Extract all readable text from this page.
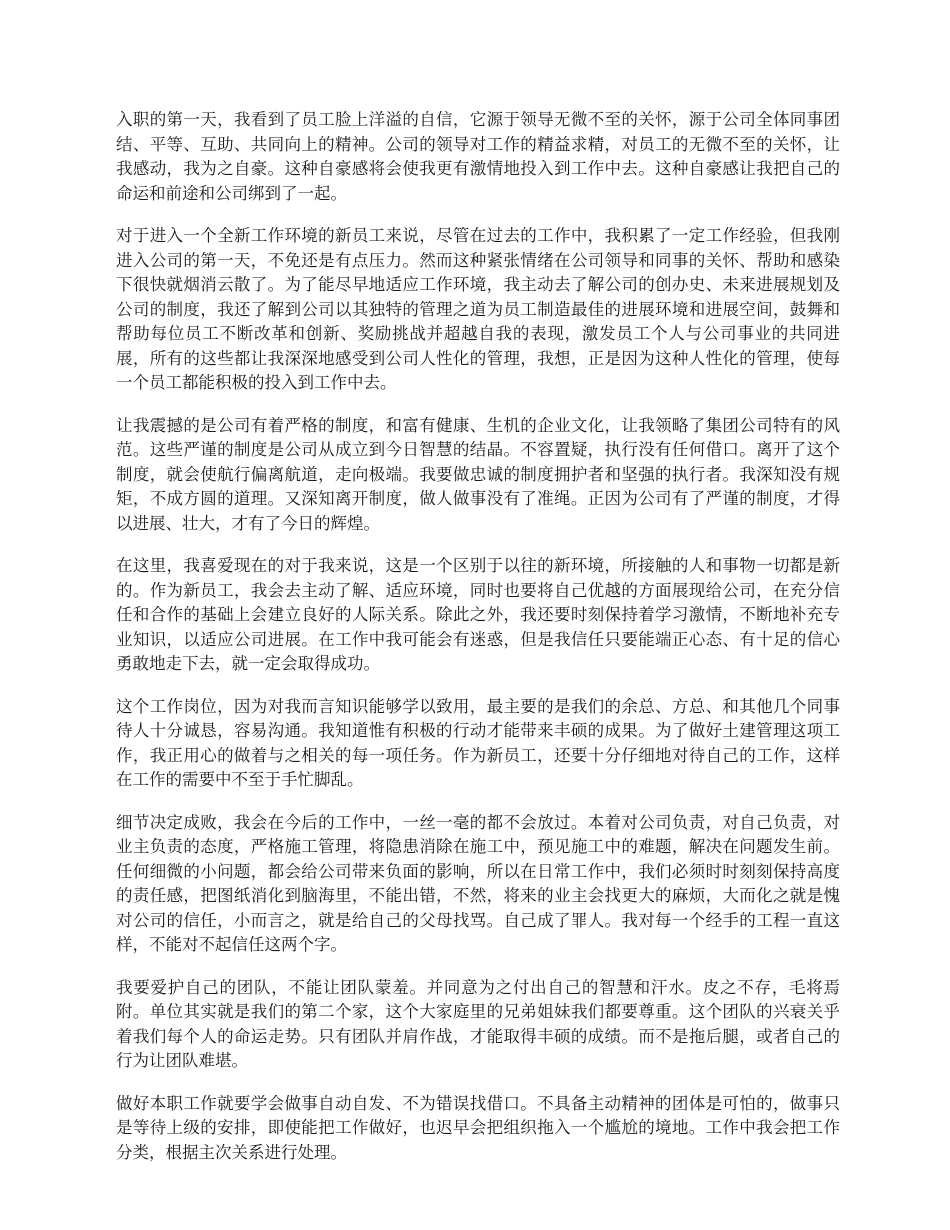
入职的第一天，我看到了员工脸上洋溢的自信，它源于领导无微不至的关怀，源于公司全体同事团结、平等、互助、共同向上的精神。公司的领导对工作的精益求精，对员工的无微不至的关怀，让我感动，我为之自豪。这种自豪感将会使我更有激情地投入到工作中去。这种自豪感让我把自己的命运和前途和公司绑到了一起。

对于进入一个全新工作环境的新员工来说，尽管在过去的工作中，我积累了一定工作经验，但我刚进入公司的第一天，不免还是有点压力。然而这种紧张情绪在公司领导和同事的关怀、帮助和感染下很快就烟消云散了。为了能尽早地适应工作环境，我主动去了解公司的创办史、未来进展规划及公司的制度，我还了解到公司以其独特的管理之道为员工制造最佳的进展环境和进展空间，鼓舞和帮助每位员工不断改革和创新、奖励挑战并超越自我的表现，激发员工个人与公司事业的共同进展，所有的这些都让我深深地感受到公司人性化的管理，我想，正是因为这种人性化的管理，使每一个员工都能积极的投入到工作中去。

让我震撼的是公司有着严格的制度，和富有健康、生机的企业文化，让我领略了集团公司特有的风范。这些严谨的制度是公司从成立到今日智慧的结晶。不容置疑，执行没有任何借口。离开了这个制度，就会使航行偏离航道，走向极端。我要做忠诚的制度拥护者和坚强的执行者。我深知没有规矩，不成方圆的道理。又深知离开制度，做人做事没有了准绳。正因为公司有了严谨的制度，才得以进展、壮大，才有了今日的辉煌。

在这里，我喜爱现在的对于我来说，这是一个区别于以往的新环境，所接触的人和事物一切都是新的。作为新员工，我会去主动了解、适应环境，同时也要将自己优越的方面展现给公司，在充分信任和合作的基础上会建立良好的人际关系。除此之外，我还要时刻保持着学习激情，不断地补充专业知识，以适应公司进展。在工作中我可能会有迷惑，但是我信任只要能端正心态、有十足的信心勇敢地走下去，就一定会取得成功。

这个工作岗位，因为对我而言知识能够学以致用，最主要的是我们的余总、方总、和其他几个同事待人十分诚恳，容易沟通。我知道惟有积极的行动才能带来丰硕的成果。为了做好土建管理这项工作，我正用心的做着与之相关的每一项任务。作为新员工，还要十分仔细地对待自己的工作，这样在工作的需要中不至于手忙脚乱。

细节决定成败，我会在今后的工作中，一丝一毫的都不会放过。本着对公司负责，对自己负责，对业主负责的态度，严格施工管理，将隐患消除在施工中，预见施工中的难题，解决在问题发生前。任何细微的小问题，都会给公司带来负面的影响，所以在日常工作中，我们必须时时刻刻保持高度的责任感，把图纸消化到脑海里，不能出错，不然，将来的业主会找更大的麻烦，大而化之就是愧对公司的信任，小而言之，就是给自己的父母找骂。自己成了罪人。我对每一个经手的工程一直这样，不能对不起信任这两个字。

我要爱护自己的团队，不能让团队蒙羞。并同意为之付出自己的智慧和汗水。皮之不存，毛将焉附。单位其实就是我们的第二个家，这个大家庭里的兄弟姐妹我们都要尊重。这个团队的兴衰关乎着我们每个人的命运走势。只有团队并肩作战，才能取得丰硕的成绩。而不是拖后腿，或者自己的行为让团队难堪。

做好本职工作就要学会做事自动自发、不为错误找借口。不具备主动精神的团体是可怕的，做事只是等待上级的安排，即使能把工作做好，也迟早会把组织拖入一个尴尬的境地。工作中我会把工作分类，根据主次关系进行处理。
